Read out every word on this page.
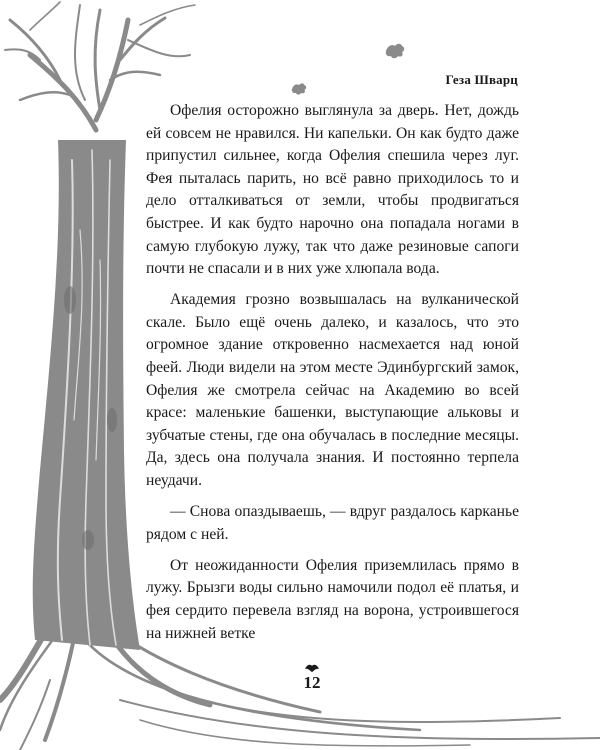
Геза Шварц

Офелия осторожно выглянула за дверь. Нет, дождь ей совсем не нравился. Ни капельки. Он как будто даже припустил сильнее, когда Офелия спешила через луг. Фея пыталась парить, но всё равно приходилось то и дело отталкиваться от земли, чтобы продвигаться быстрее. И как будто нарочно она попадала ногами в самую глубокую лужу, так что даже резиновые сапоги почти не спасали и в них уже хлюпала вода.

Академия грозно возвышалась на вулканической скале. Было ещё очень далеко, и казалось, что это огромное здание откровенно насмехается над юной феей. Люди видели на этом месте Эдинбургский замок, Офелия же смотрела сейчас на Академию во всей красе: маленькие башенки, выступающие альковы и зубчатые стены, где она обучалась в последние месяцы. Да, здесь она получала знания. И постоянно терпела неудачи.

— Снова опаздываешь, — вдруг раздалось карканье рядом с ней.

От неожиданности Офелия приземлилась прямо в лужу. Брызги воды сильно намочили подол её платья, и фея сердито перевела взгляд на ворона, устроившегося на нижней ветке

12
